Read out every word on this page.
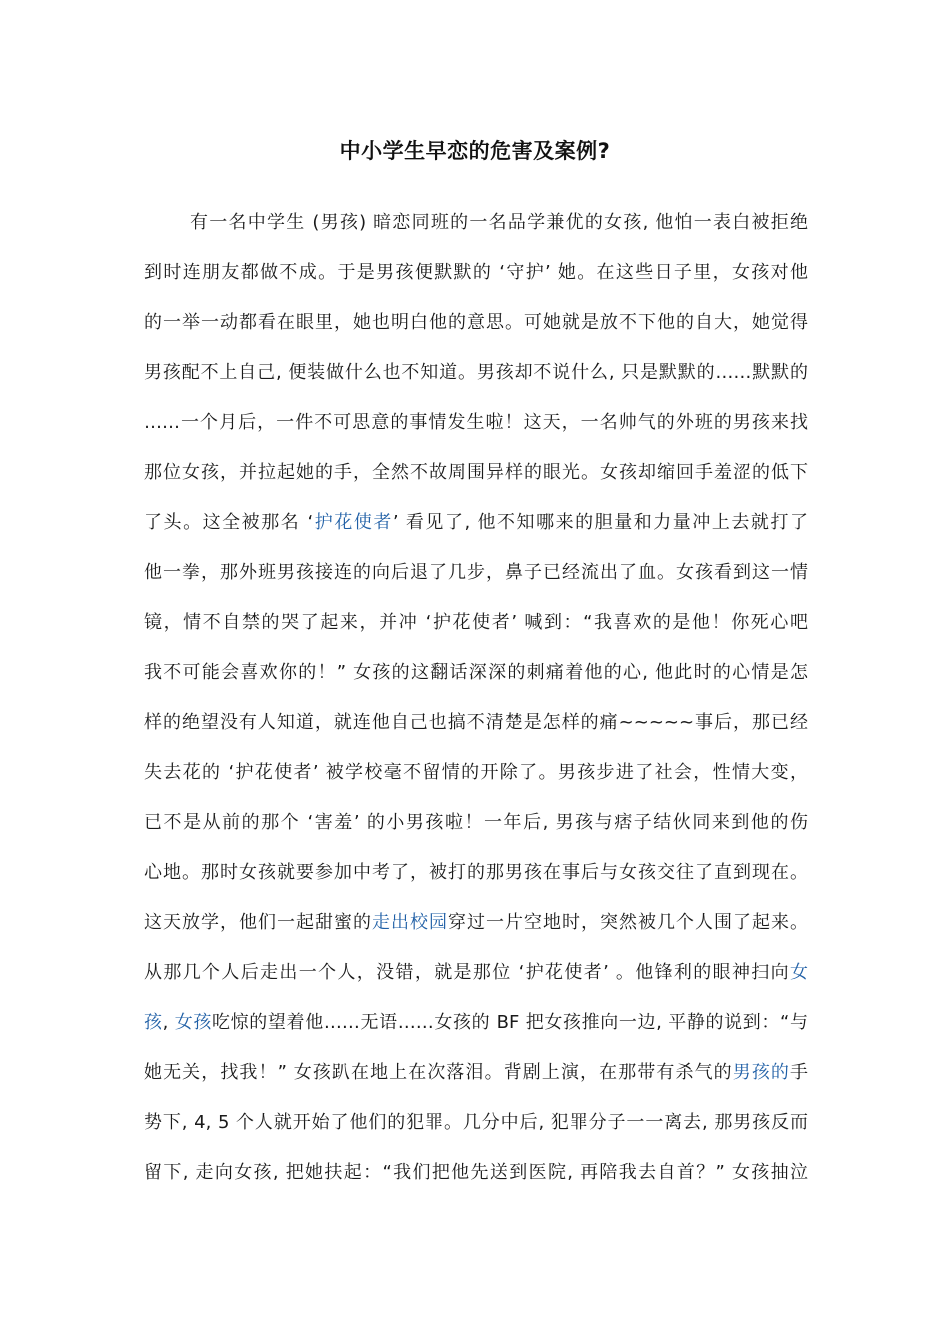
中小学生早恋的危害及案例?
有一名中学生 (男孩) 暗恋同班的一名品学兼优的女孩, 他怕一表白被拒绝
到时连朋友都做不成。于是男孩便默默的 ‘守护’ 她。在这些日子里，女孩对他
的一举一动都看在眼里，她也明白他的意思。可她就是放不下他的自大，她觉得
男孩配不上自己, 便装做什么也不知道。男孩却不说什么, 只是默默的……默默的
……一个月后，一件不可思意的事情发生啦！这天，一名帅气的外班的男孩来找
那位女孩，并拉起她的手，全然不故周围异样的眼光。女孩却缩回手羞涩的低下
了头。这全被那名 ‘护花使者’ 看见了, 他不知哪来的胆量和力量冲上去就打了
他一拳，那外班男孩接连的向后退了几步，鼻子已经流出了血。女孩看到这一情
镜，情不自禁的哭了起来，并冲 ‘护花使者’ 喊到：“我喜欢的是他！你死心吧
我不可能会喜欢你的！” 女孩的这翻话深深的刺痛着他的心, 他此时的心情是怎
样的绝望没有人知道，就连他自己也搞不清楚是怎样的痛~~~~~事后，那已经
失去花的 ‘护花使者’ 被学校毫不留情的开除了。男孩步进了社会，性情大变，
已不是从前的那个 ‘害羞’ 的小男孩啦！一年后, 男孩与痞子结伙同来到他的伤
心地。那时女孩就要参加中考了，被打的那男孩在事后与女孩交往了直到现在。
这天放学，他们一起甜蜜的走出校园穿过一片空地时，突然被几个人围了起来。
从那几个人后走出一个人，没错，就是那位 ‘护花使者’ 。他锋利的眼神扫向女
孩, 女孩吃惊的望着他……无语……女孩的 BF 把女孩推向一边, 平静的说到：“与
她无关，找我！” 女孩趴在地上在次落泪。背剧上演，在那带有杀气的男孩的手
势下, 4, 5 个人就开始了他们的犯罪。几分中后, 犯罪分子一一离去, 那男孩反而
留下, 走向女孩, 把她扶起：“我们把他先送到医院, 再陪我去自首？” 女孩抽泣
